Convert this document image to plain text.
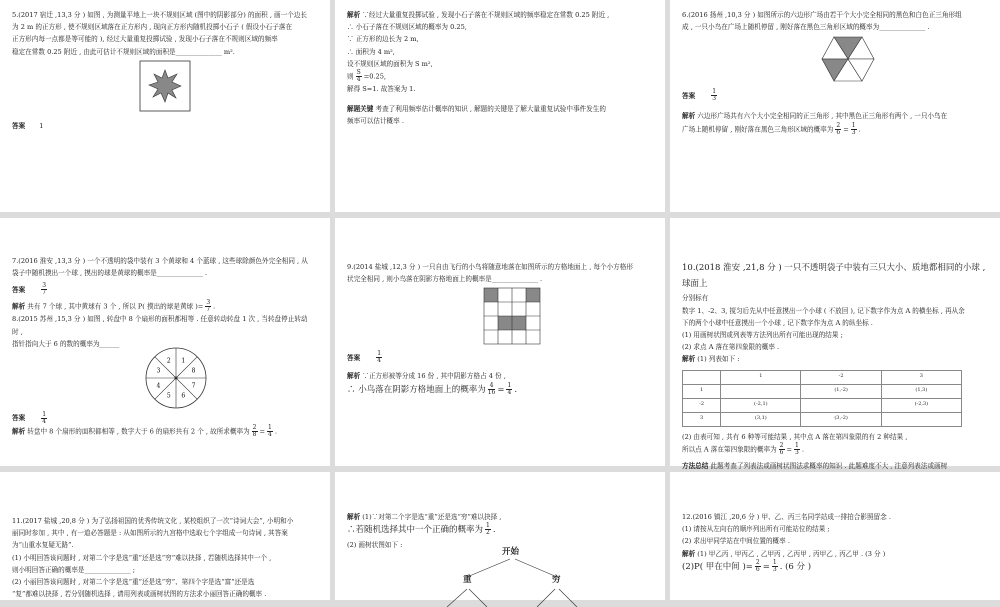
5.(2017 宿迁 ,13,3 分 ) 如图 , 为测量平地上一块不规则区域 (图中的阴影部分) 的面积 , 画一个边长
为 2 m 的正方形 , 使不规则区域落在正方形内 , 现向正方形内随机投掷小石子 ( 假设小石子落在
正方形内每一点都是等可能的 ), 经过大量重复投掷试验 , 发现小石子落在不规则区域的频率
稳定在常数 0.25 附近 , 由此可估计不规则区域的面积是______________ m².
答案 1
解析 ∵经过大量重复投掷试验 , 发现小石子落在不规则区域的频率稳定在常数 0.25 附近 ,
∴ 小石子落在不规则区域的概率为 0.25,
∵ 正方形的边长为 2 m,
∴ 面积为 4 m²,
设不规则区域的面积为 S m²,
则 $\frac{S}{4} =0.25$,
解得 S=1. 故答案为 1.
解题关键 考查了利用频率估计概率的知识 , 解题的关键是了解大量重复试验中事件发生的
频率可以估计概率 .
6.(2016 扬州 ,10,3 分 ) 如图所示的六边形广场由若干个大小完全相同的黑色和白色正三角形组
成 , 一只小鸟在广场上随机停留 , 刚好落在黑色三角形区域的概率为______________ .
答案	$\frac{1}{3}$
解析 六边形广场共有六个大小完全相同的正三角形 , 其中黑色正三角形有两个 , 一只小鸟在
广场上随机停留 , 刚好落在黑色三角形区域的概率为 $\frac{2}{6} = \frac{1}{3}$ .
7.(2016 淮安 ,13,3 分 ) 一个不透明的袋中装有 3 个黄球和 4 个蓝球 , 这些球除颜色外完全相同 , 从
袋子中随机摸出一个球 , 摸出的球是黄球的概率是______________ .
答案	$\frac{3}{7}$
解析 共有 7 个球 , 其中黄球有 3 个 , 所以 P( 摸出的球是黄球 )= $\frac{3}{7}$ .
8.(2015 苏州 ,15,3 分 ) 如图 , 转盘中 8 个扇形的面积都相等 . 任意转动转盘 1 次 , 当转盘停止转动
时 ,
指针指向大于 6 的数的概率为______
1
8
7
6
5
4
3
2
答案	$\frac{1}{4}$
解析 转盘中 8 个扇形的面积都相等 , 数字大于 6 的扇形共有 2 个 , 故所求概率为 $\frac{2}{8} = \frac{1}{4}$ .
9.(2014 盐城 ,12,3 分 ) 一只自由飞行的小鸟将随意地落在如图所示的方格地面上 , 每个小方格形
状完全相同 , 则小鸟落在阴影方格地面上的概率是______________ .
答案	$\frac{1}{4}$
解析 ∵正方形被等分成 16 份 , 其中阴影方格占 4 份 ,
∴ 小鸟落在阴影方格地面上的概率为 $\frac{4}{16} = \frac{1}{4}$ .
10.(2018 淮安 ,21,8 分 ) 一只不透明袋子中装有三只大小、质地都相同的小球 , 球面上
分别标有
数字 1、-2、3, 搅匀后先从中任意摸出一个小球 ( 不放回 ), 记下数字作为点 A 的横坐标 , 再从余
下的两个小球中任意摸出一个小球 , 记下数字作为点 A 的纵坐标 .
(1) 用画树状图或列表等方法列出所有可能出现的结果 ;
(2) 求点 A 落在第四象限的概率 .
解析 (1) 列表如下 :
	1	-2	3
1		(1,-2)	(1,3)
-2	(-2,1)		(-2,3)
3	(3,1)	(3,-2)	
(2) 由表可知 , 共有 6 种等可能结果 , 其中点 A 落在第四象限的有 2 种结果 ,
所以点 A 落在第四象限的概率为 $\frac{2}{6} = \frac{1}{3}$ .
方法总结 此题考查了列表法或画树状图法求概率的知识 . 此题难度不大 , 注意列表法或画树
11.(2017 盐城 ,20,8 分 ) 为了弘扬祖国的优秀传统文化 , 某校组织了一次“诗词大会”, 小明和小
丽同时参加 , 其中 , 有一道必答题是 : 从如图所示的九宫格中选取七个字组成一句诗词 , 其答案
为“山重水复疑无路”.
(1) 小明回答该问题时 , 对第二个字是选“重”还是选“穷”难以抉择 , 若随机选择其中一个 ,
则小明回答正确的概率是______________ ;
(2) 小丽回答该问题时 , 对第二个字是选“重”还是选“穷”、第四个字是选“富”还是选
“复”都难以抉择 , 若分别随机选择 , 请用列表或画树状图的方法求小丽回答正确的概率 .
解析 (1)∵对第二个字是选“重”还是选“穷”难以抉择 ,
∴若随机选择其中一个正确的概率为 $\frac{1}{2}$ .
(2) 画树状图如下 :
开始
重	穷
12.(2016 镇江 ,20,6 分 ) 甲、乙、丙三名同学站成一排拍合影照留念 .
(1) 请按从左向右的顺序列出所有可能站位的结果 ;
(2) 求出甲同学站在中间位置的概率 .
解析 (1) 甲乙丙 , 甲丙乙 , 乙甲丙 , 乙丙甲 , 丙甲乙 , 丙乙甲 . (3 分 )
(2)P( 甲在中间 )= $\frac{2}{6} = \frac{1}{3}$ . (6 分 )
